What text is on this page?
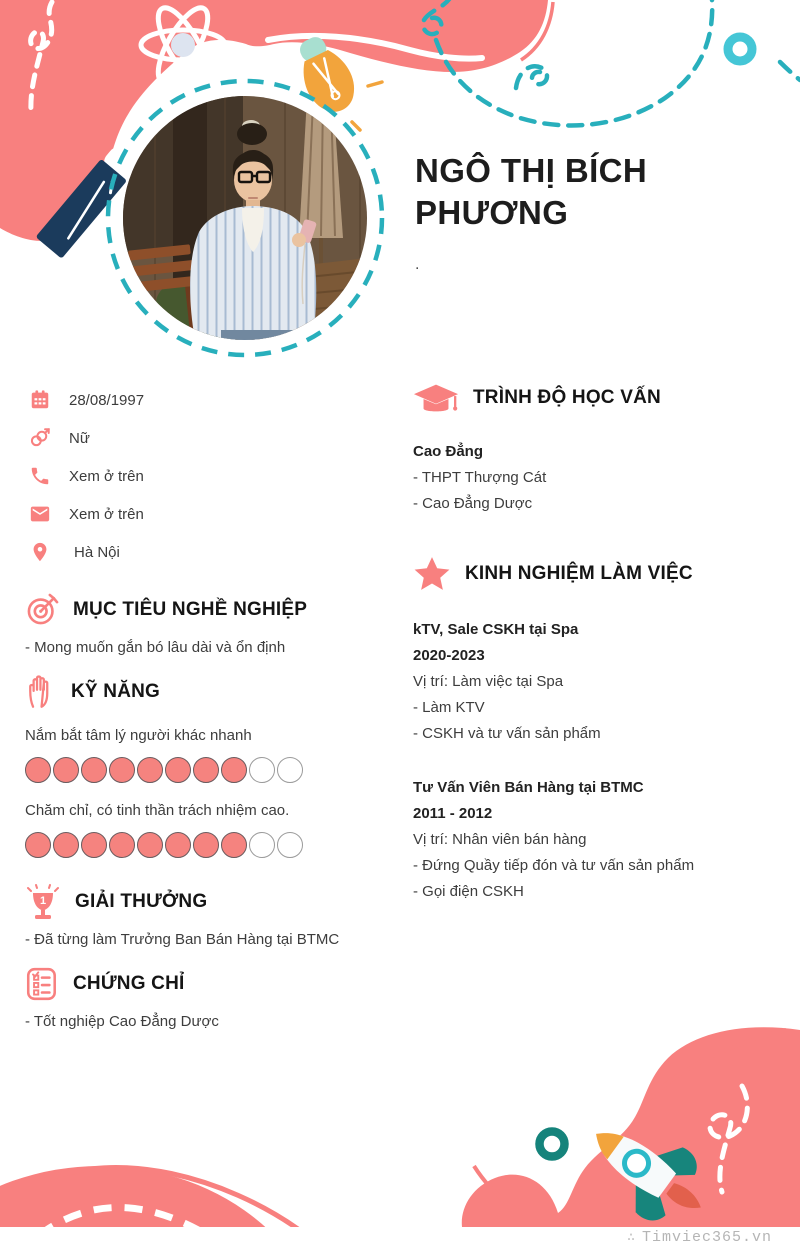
NGÔ THỊ BÍCH PHƯƠNG
.
28/08/1997
Nữ
Xem ở trên
Xem ở trên
Hà Nội
MỤC TIÊU NGHỀ NGHIỆP
- Mong muốn gắn bó lâu dài và ổn định
KỸ NĂNG
Nắm bắt tâm lý người khác nhanh
Chăm chỉ, có tinh thần trách nhiệm cao.
1 GIẢI THƯỞNG
- Đã từng làm Trưởng Ban Bán Hàng tại BTMC
CHỨNG CHỈ
- Tốt nghiệp Cao Đẳng Dược
TRÌNH ĐỘ HỌC VẤN
Cao Đẳng
- THPT Thượng Cát
- Cao Đẳng Dược
KINH NGHIỆM LÀM VIỆC
kTV, Sale CSKH tại Spa
2020-2023
Vị trí: Làm việc tại Spa
- Làm KTV
- CSKH và tư vấn sản phẩm
Tư Vấn Viên Bán Hàng tại BTMC
2011 - 2012
Vị trí: Nhân viên bán hàng
- Đứng Quầy tiếp đón và tư vấn sản phẩm
- Gọi điện CSKH
∴ Timviec365.vn
